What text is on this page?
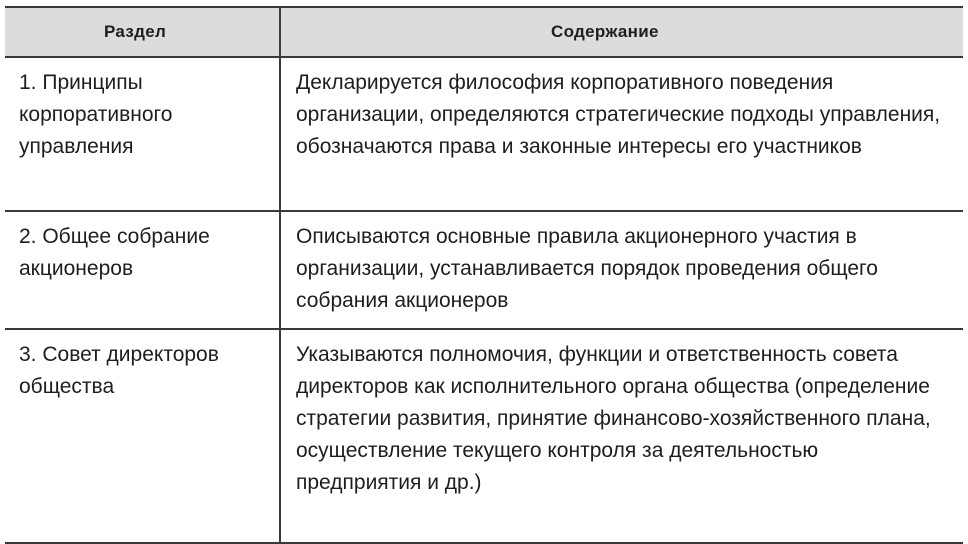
Раздел	Содержание
1. Принципы корпоративного управления	Декларируется философия корпоративного поведения организации, определяются стратегические подходы управления, обозначаются права и законные интересы его участников
2. Общее собрание акционеров	Описываются основные правила акционерного участия в организации, устанавливается порядок проведения общего собрания акционеров
3. Совет директоров общества	Указываются полномочия, функции и ответственность совета директоров как исполнительного органа общества (определение стратегии развития, принятие финансово-хозяйственного плана, осуществление текущего контроля за деятельностью предприятия и др.)
